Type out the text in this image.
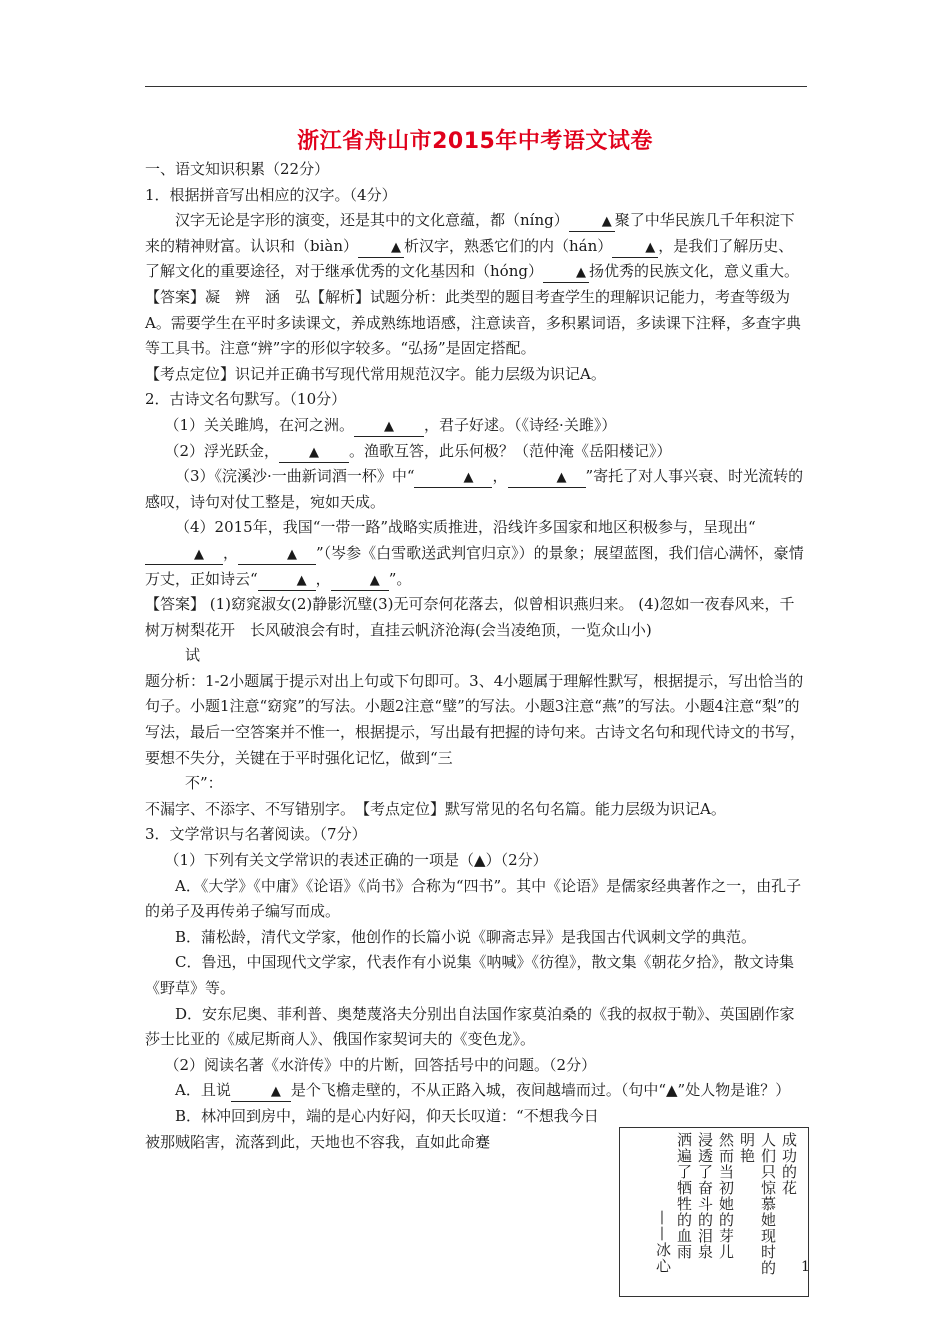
浙江省舟山市2015年中考语文试卷

一、语文知识积累（22分）

1．根据拼音写出相应的汉字。（4分）

汉字无论是字形的演变，还是其中的文化意蕴，都（níng）	▲ 聚了中华民族几千年积淀下来的精神财富。认识和（biàn）	▲ 析汉字，熟悉它们的内（hán）	▲ ，是我们了解历史、了解文化的重要途径，对于继承优秀的文化基因和（hóng）	▲ 扬优秀的民族文化，意义重大。

【答案】凝　辨　涵　弘【解析】试题分析：此类型的题目考查学生的理解识记能力，考查等级为A。需要学生在平时多读课文，养成熟练地语感，注意读音，多积累词语，多读课下注释，多查字典等工具书。注意“辨”字的形似字较多。“弘扬”是固定搭配。

【考点定位】识记并正确书写现代常用规范汉字。能力层级为识记A。

2．古诗文名句默写。（10分）

（1）关关雎鸠，在河之洲。 ▲ ，君子好逑。（《诗经·关雎》）

（2）浮光跃金， ▲ 。渔歌互答，此乐何极？（范仲淹《岳阳楼记》）

（3）《浣溪沙·一曲新词酒一杯》中“	▲ ，	▲ ”寄托了对人事兴衰、时光流转的感叹，诗句对仗工整是，宛如天成。

（4）2015年，我国“一带一路”战略实质推进，沿线许多国家和地区积极参与，呈现出“▲ ，	▲ ”（岑参《白雪歌送武判官归京》）的景象；展望蓝图，我们信心满怀，豪情万丈，正如诗云“	▲ ，	▲ ”。

【答案】 (1)窈窕淑女(2)静影沉璧(3)无可奈何花落去，似曾相识燕归来。 (4)忽如一夜春风来，千树万树梨花开　长风破浪会有时，直挂云帆济沧海(会当凌绝顶，一览众山小)

试

题分析：1-2小题属于提示对出上句或下句即可。3、4小题属于理解性默写，根据提示，写出恰当的句子。小题1注意“窈窕”的写法。小题2注意“璧”的写法。小题3注意“燕”的写法。小题4注意“梨”的写法，最后一空答案并不惟一，根据提示，写出最有把握的诗句来。古诗文名句和现代诗文的书写，要想不失分，关键在于平时强化记忆，做到“三

不”：

不漏字、不添字、不写错别字。　【考点定位】默写常见的名句名篇。能力层级为识记A。

3．文学常识与名著阅读。（7分）

（1）下列有关文学常识的表述正确的一项是（▲）（2分）

A．《大学》《中庸》《论语》《尚书》合称为“四书”。其中《论语》是儒家经典著作之一，由孔子的弟子及再传弟子编写而成。

B．蒲松龄，清代文学家，他创作的长篇小说《聊斋志异》是我国古代讽刺文学的典范。

C．鲁迅，中国现代文学家，代表作有小说集《呐喊》《彷徨》，散文集《朝花夕拾》，散文诗集《野草》等。

D．安东尼奥、菲利普、奥楚蔑洛夫分别出自法国作家莫泊桑的《我的叔叔于勒》、英国剧作家莎士比亚的《威尼斯商人》、俄国作家契诃夫的《变色龙》。

（2）阅读名著《水浒传》中的片断，回答括号中的问题。（2分）

A．且说	▲ 是个飞檐走壁的，不从正路入城，夜间越墙而过。（句中“▲”处人物是谁？）

B．林冲回到房中，端的是心内好闷，仰天长叹道：“不想我今日被那贼陷害，流落到此，天地也不容我，直如此命蹇	成功的花
人们只惊慕她现时的
明艳
然而当初她的芽儿
浸透了奋斗的泪泉
洒遍了牺牲的血雨
——冰心	1
